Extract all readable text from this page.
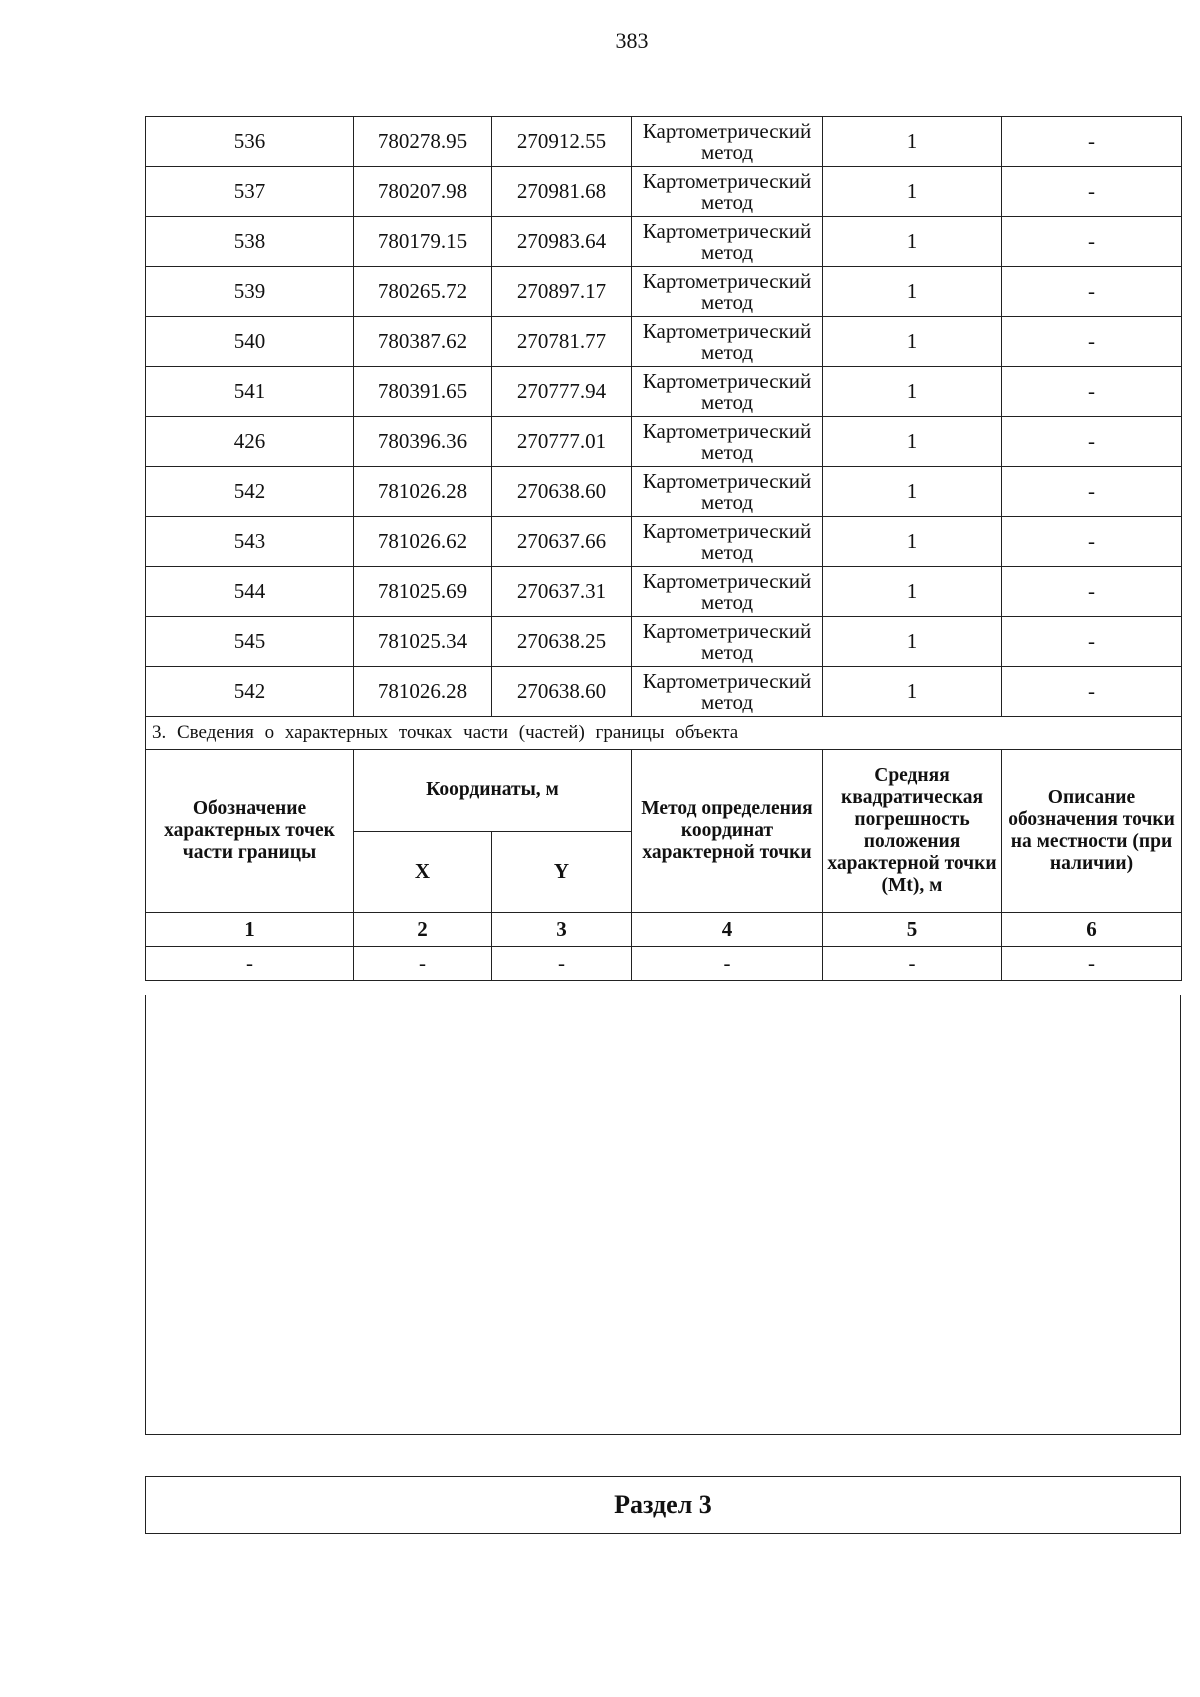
383
536	780278.95	270912.55	Картометрический метод	1	-
537	780207.98	270981.68	Картометрический метод	1	-
538	780179.15	270983.64	Картометрический метод	1	-
539	780265.72	270897.17	Картометрический метод	1	-
540	780387.62	270781.77	Картометрический метод	1	-
541	780391.65	270777.94	Картометрический метод	1	-
426	780396.36	270777.01	Картометрический метод	1	-
542	781026.28	270638.60	Картометрический метод	1	-
543	781026.62	270637.66	Картометрический метод	1	-
544	781025.69	270637.31	Картометрический метод	1	-
545	781025.34	270638.25	Картометрический метод	1	-
542	781026.28	270638.60	Картометрический метод	1	-
3. Сведения о характерных точках части (частей) границы объекта					
Обозначение характерных точек части границы	Координаты, м		Метод определения координат характерной точки	Средняя квадратическая погрешность положения характерной точки (Mt), м	Описание обозначения точки на местности (при наличии)
	X	Y			
1	2	3	4	5	6
-	-	-	-	-	-
Раздел 3
